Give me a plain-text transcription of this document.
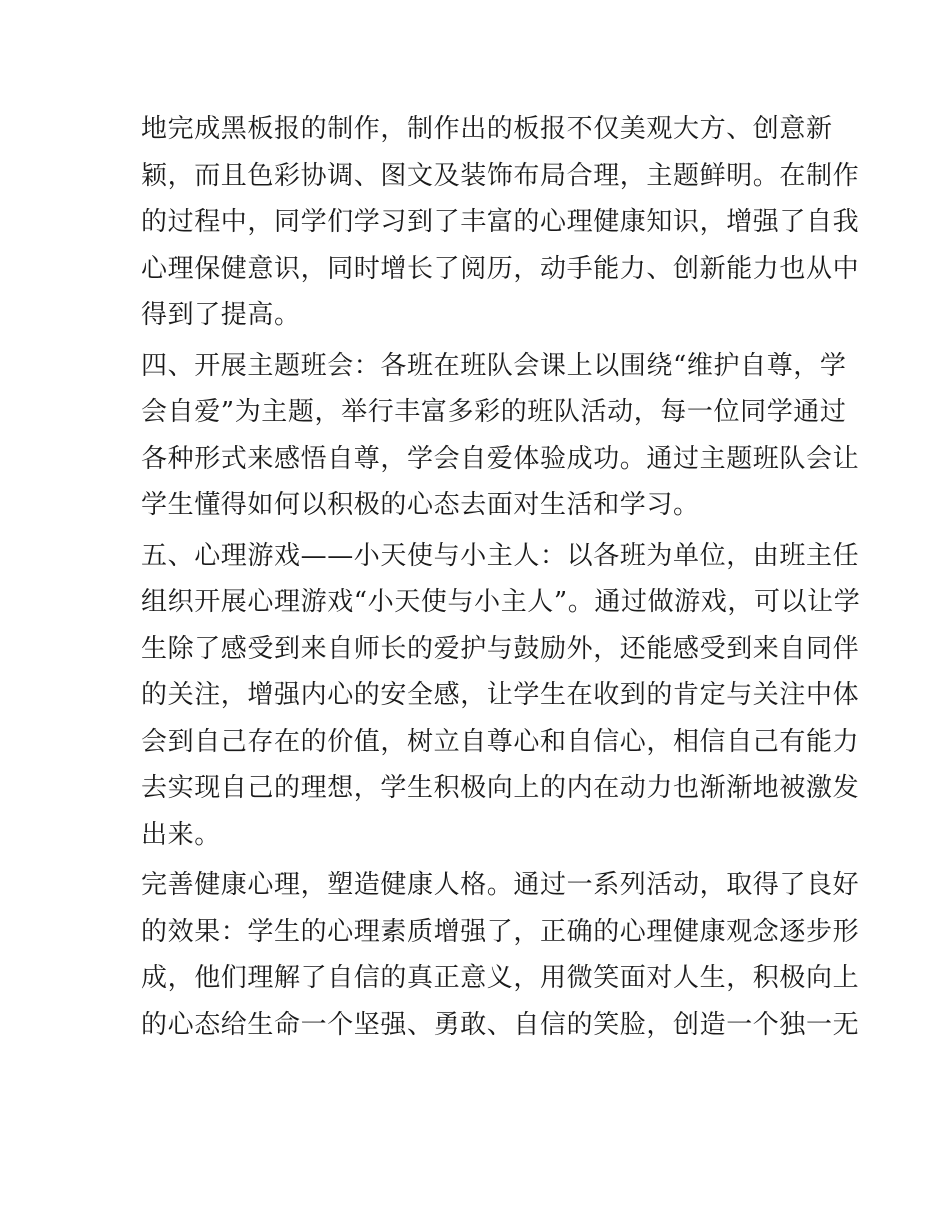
地完成黑板报的制作，制作出的板报不仅美观大方、创意新
颖，而且色彩协调、图文及装饰布局合理，主题鲜明。在制作
的过程中，同学们学习到了丰富的心理健康知识，增强了自我
心理保健意识，同时增长了阅历，动手能力、创新能力也从中
得到了提高。
四、开展主题班会：各班在班队会课上以围绕“维护自尊，学
会自爱”为主题，举行丰富多彩的班队活动，每一位同学通过
各种形式来感悟自尊，学会自爱体验成功。通过主题班队会让
学生懂得如何以积极的心态去面对生活和学习。
五、心理游戏——小天使与小主人：以各班为单位，由班主任
组织开展心理游戏“小天使与小主人”。通过做游戏，可以让学
生除了感受到来自师长的爱护与鼓励外，还能感受到来自同伴
的关注，增强内心的安全感，让学生在收到的肯定与关注中体
会到自己存在的价值，树立自尊心和自信心，相信自己有能力
去实现自己的理想，学生积极向上的内在动力也渐渐地被激发
出来。
完善健康心理，塑造健康人格。通过一系列活动，取得了良好
的效果：学生的心理素质增强了，正确的心理健康观念逐步形
成，他们理解了自信的真正意义，用微笑面对人生，积极向上
的心态给生命一个坚强、勇敢、自信的笑脸，创造一个独一无
